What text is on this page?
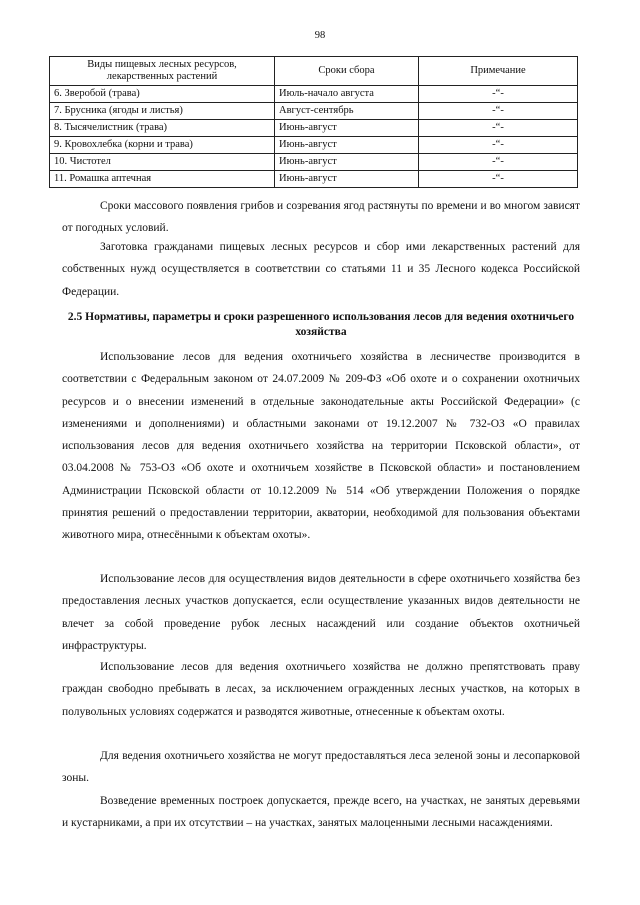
98
Виды пищевых лесных ресурсов, лекарственных растений	Сроки сбора	Примечание
6. Зверобой (трава)	Июль-начало августа	-“-
7. Брусника (ягоды и листья)	Август-сентябрь	-“-
8. Тысячелистник (трава)	Июнь-август	-“-
9. Кровохлебка (корни и трава)	Июнь-август	-“-
10. Чистотел	Июнь-август	-“-
11. Ромашка аптечная	Июнь-август	-“-

Сроки массового появления грибов и созревания ягод растянуты по времени и во многом зависят от погодных условий.

Заготовка гражданами пищевых лесных ресурсов и сбор ими лекарственных растений для собственных нужд осуществляется в соответствии со статьями 11 и 35 Лесного кодекса Российской Федерации.

2.5 Нормативы, параметры и сроки разрешенного использования лесов для ведения охотничьего хозяйства

Использование лесов для ведения охотничьего хозяйства в лесничестве производится в соответствии с Федеральным законом от 24.07.2009 № 209-ФЗ «Об охоте и о сохранении охотничьих ресурсов и о внесении изменений в отдельные законодательные акты Российской Федерации» (с изменениями и дополнениями) и областными законами от 19.12.2007 № 732-ОЗ «О правилах использования лесов для ведения охотничьего хозяйства на территории Псковской области», от 03.04.2008 № 753-ОЗ «Об охоте и охотничьем хозяйстве в Псковской области» и постановлением Администрации Псковской области от 10.12.2009 № 514 «Об утверждении Положения о порядке принятия решений о предоставлении территории, акватории, необходимой для пользования объектами животного мира, отнесёнными к объектам охоты».

Использование лесов для осуществления видов деятельности в сфере охотничьего хозяйства без предоставления лесных участков допускается, если осуществление указанных видов деятельности не влечет за собой проведение рубок лесных насаждений или создание объектов охотничьей инфраструктуры.

Использование лесов для ведения охотничьего хозяйства не должно препятствовать праву граждан свободно пребывать в лесах, за исключением огражденных лесных участков, на которых в полувольных условиях содержатся и разводятся животные, отнесенные к объектам охоты.

Для ведения охотничьего хозяйства не могут предоставляться леса зеленой зоны и лесопарковой зоны.

Возведение временных построек допускается, прежде всего, на участках, не занятых деревьями и кустарниками, а при их отсутствии – на участках, занятых малоценными лесными насаждениями.
